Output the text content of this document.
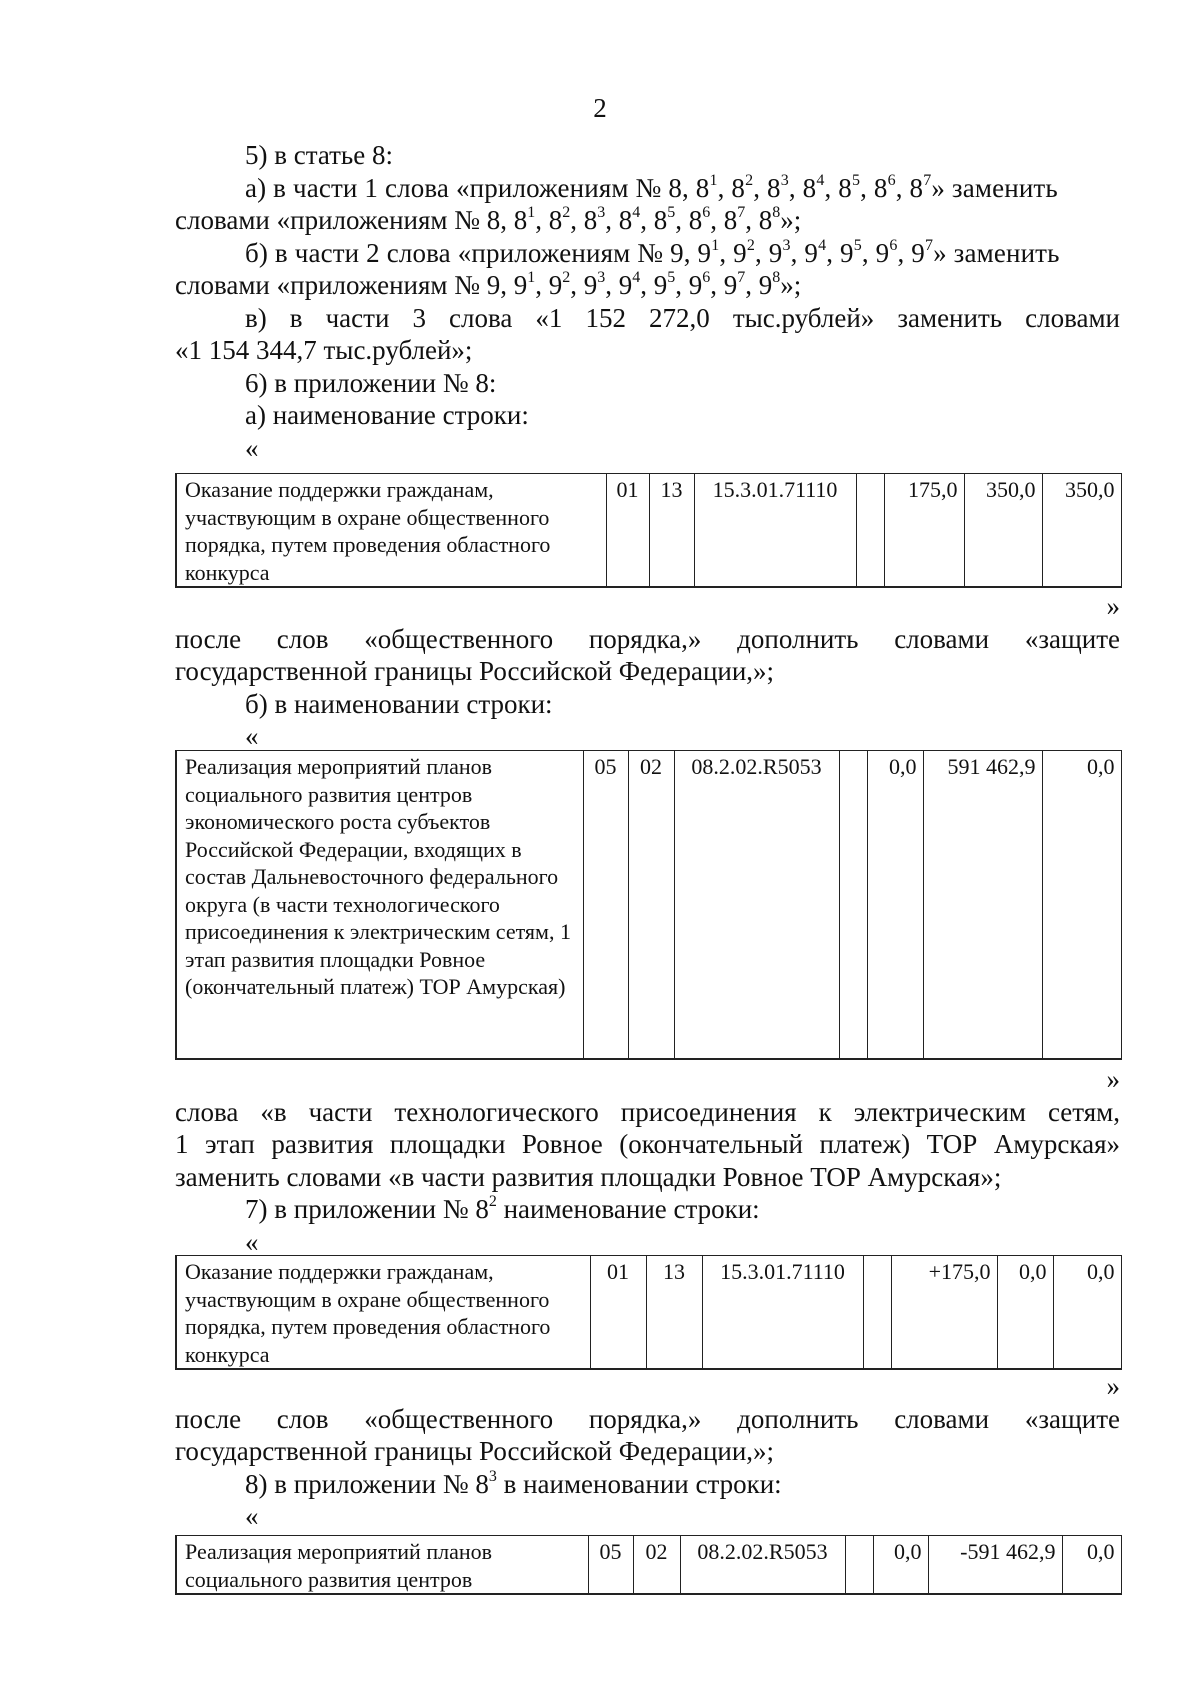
2
5) в статье 8:
а) в части 1 слова «приложениям № 8, $8^1$, $8^2$, $8^3$, $8^4$, $8^5$, $8^6$, $8^7$» заменить
словами «приложениям № 8, $8^1$, $8^2$, $8^3$, $8^4$, $8^5$, $8^6$, $8^7$, $8^8$»;
б) в части 2 слова «приложениям № 9, $9^1$, $9^2$, $9^3$, $9^4$, $9^5$, $9^6$, $9^7$» заменить
словами «приложениям № 9, $9^1$, $9^2$, $9^3$, $9^4$, $9^5$, $9^6$, $9^7$, $9^8$»;
в) в части 3 слова «1 152 272,0 тыс.рублей» заменить словами
«1 154 344,7 тыс.рублей»;
6) в приложении № 8:
а) наименование строки:
«
Оказание поддержки гражданам, участвующим в охране общественного порядка, путем проведения областного конкурса	01	13	15.3.01.71110		175,0	350,0	350,0
»
после слов «общественного порядка,» дополнить словами «защите
государственной границы Российской Федерации,»;
б) в наименовании строки:
«
Реализация мероприятий планов социального развития центров экономического роста субъектов Российской Федерации, входящих в состав Дальневосточного федерального округа (в части технологического присоединения к электрическим сетям, 1 этап развития площадки Ровное (окончательный платеж) ТОР Амурская)	05	02	08.2.02.R5053		0,0	591 462,9	0,0
»
слова «в части технологического присоединения к электрическим сетям,
1 этап развития площадки Ровное (окончательный платеж) ТОР Амурская»
заменить словами «в части развития площадки Ровное ТОР Амурская»;
7) в приложении № $8^2$ наименование строки:
«
Оказание поддержки гражданам, участвующим в охране общественного порядка, путем проведения областного конкурса	01	13	15.3.01.71110		+175,0	0,0	0,0
»
после слов «общественного порядка,» дополнить словами «защите
государственной границы Российской Федерации,»;
8) в приложении № $8^3$ в наименовании строки:
«
Реализация мероприятий планов социального развития центров	05	02	08.2.02.R5053		0,0	-591 462,9	0,0
